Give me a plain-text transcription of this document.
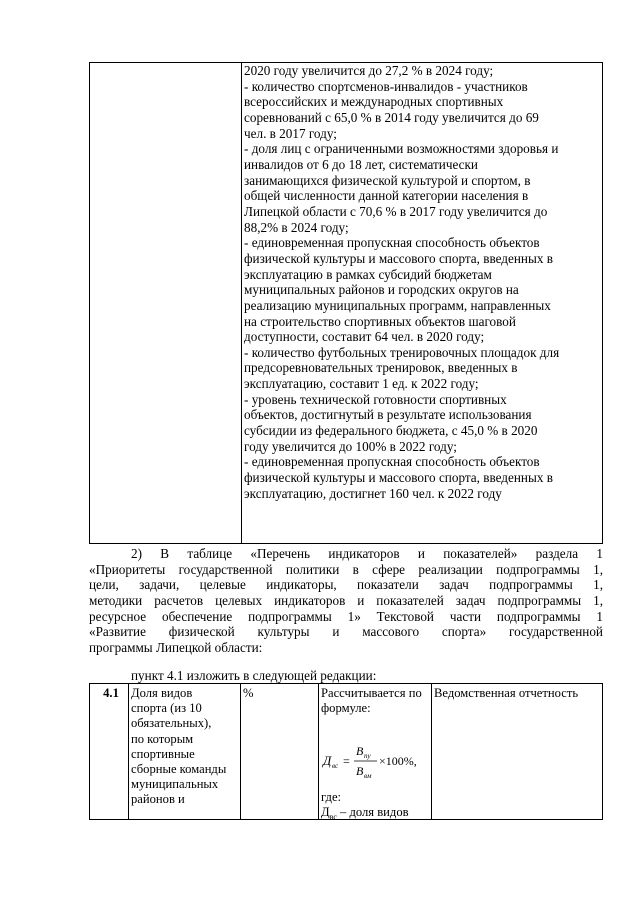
2020 году увеличится до 27,2 % в 2024 году;
- количество спортсменов-инвалидов - участников
всероссийских и международных спортивных
соревнований с 65,0 % в 2014 году увеличится до 69
чел. в 2017 году;
- доля лиц с ограниченными возможностями здоровья и
инвалидов от 6 до 18 лет, систематически
занимающихся физической культурой и спортом, в
общей численности данной категории населения в
Липецкой области с 70,6 % в 2017 году увеличится до
88,2% в 2024 году;
- единовременная пропускная способность объектов
физической культуры и массового спорта, введенных в
эксплуатацию в рамках субсидий бюджетам
муниципальных районов и городских округов на
реализацию муниципальных программ, направленных
на строительство спортивных объектов шаговой
доступности, составит 64 чел. в 2020 году;
- количество футбольных тренировочных площадок для
предсоревновательных тренировок, введенных в
эксплуатацию, составит 1 ед. к 2022 году;
- уровень технической готовности спортивных
объектов, достигнутый в результате использования
субсидии из федерального бюджета, с 45,0 % в 2020
году увеличится до 100% в 2022 году;
- единовременная пропускная способность объектов
физической культуры и массового спорта, введенных в
эксплуатацию, достигнет 160 чел. к 2022 году
2) В таблице «Перечень индикаторов и показателей» раздела 1
«Приоритеты государственной политики в сфере реализации подпрограммы 1,
цели, задачи, целевые индикаторы, показатели задач подпрограммы 1,
методики расчетов целевых индикаторов и показателей задач подпрограммы 1,
ресурсное обеспечение подпрограммы 1» Текстовой части подпрограммы 1
«Развитие физической культуры и массового спорта» государственной
программы Липецкой области:
пункт 4.1 изложить в следующей редакции:
4.1 Доля видов
спорта (из 10
обязательных),
по которым
спортивные
сборные команды
муниципальных
районов и
%	Рассчитывается по
формуле:
где:
$Д_{вс}$ – доля видов
Ведомственная отчетность
Д вс =
В пу
В вм
×100%,
